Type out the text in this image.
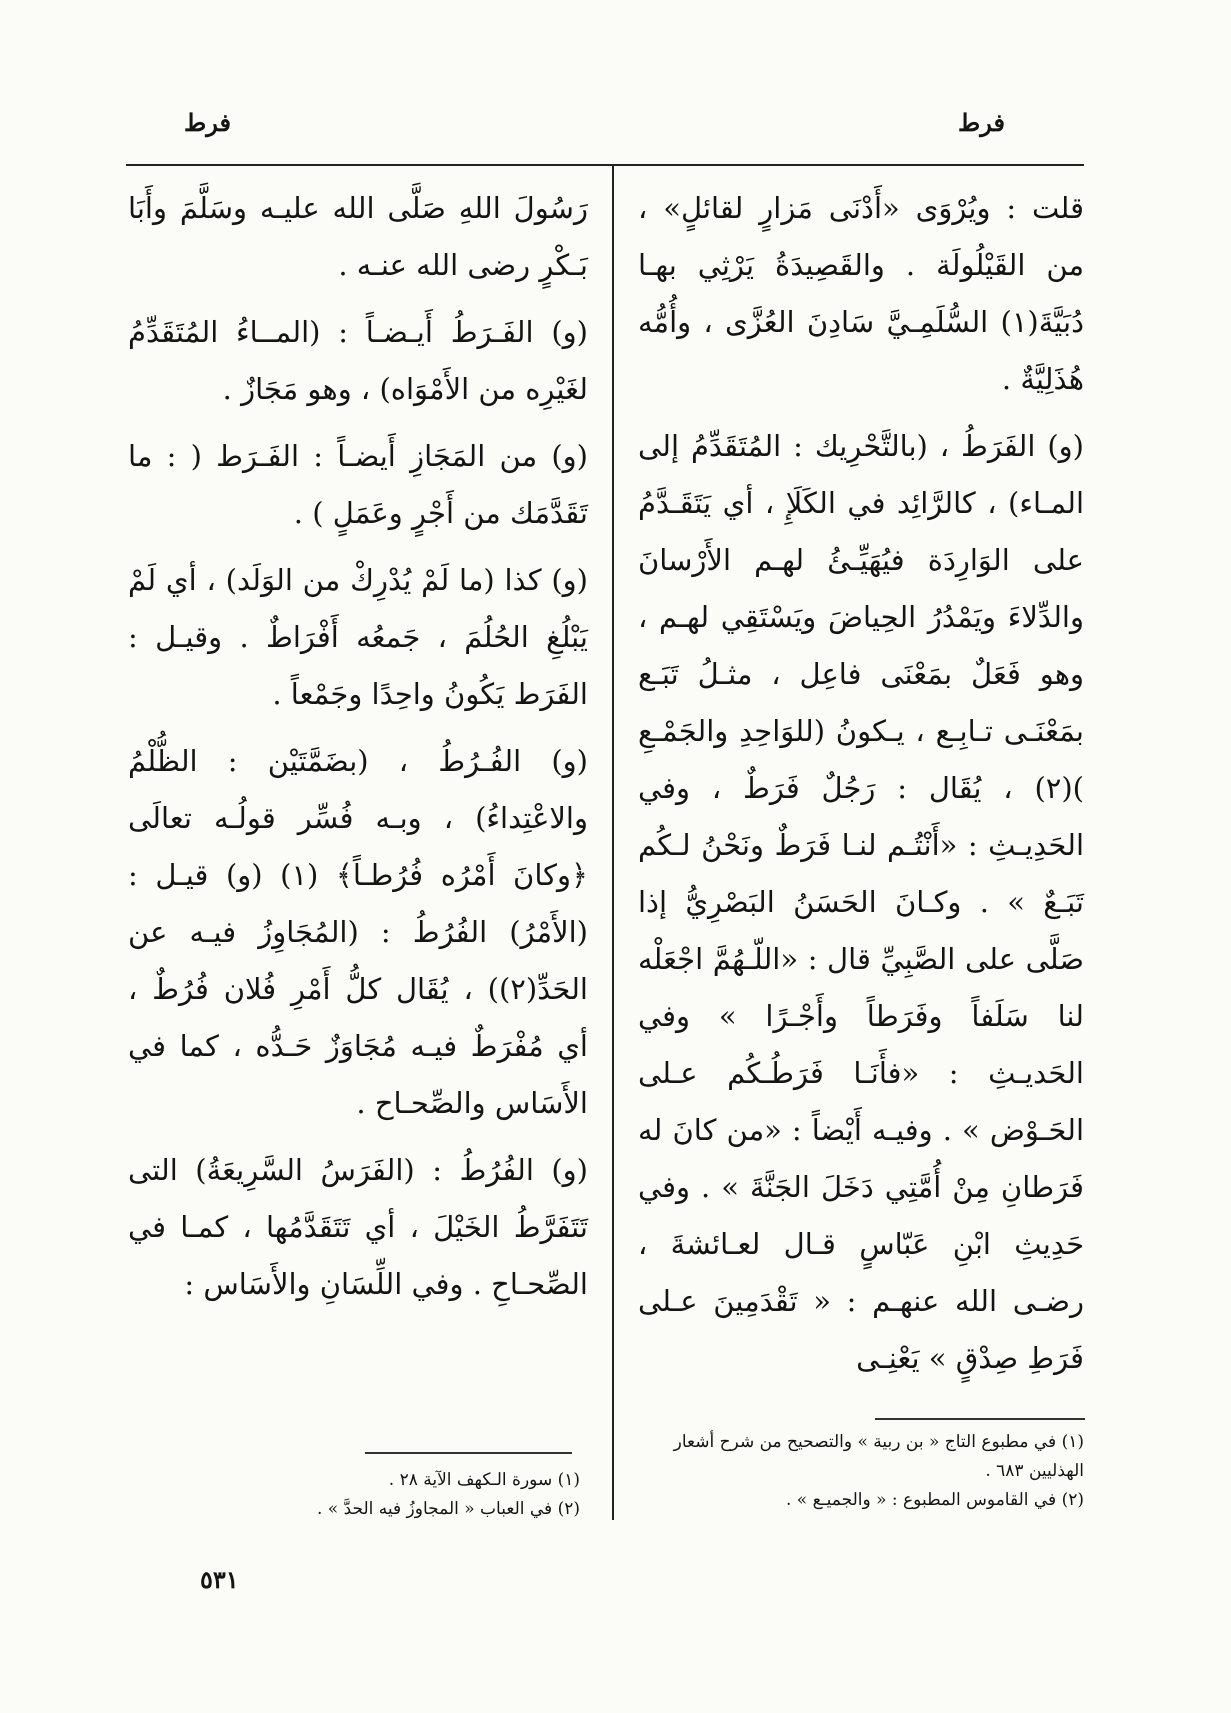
فرط
فرط

قلت : ويُرْوَى «أَدْنَى مَزارٍ لقائلٍ» ، من القَيْلُولَة . والقَصِيدَةُ يَرْثِي بهـا دُبَيَّةَ(١) السُّلَمِـيَّ سَادِنَ العُزَّى ، وأُمُّه هُذَلِيَّةٌ .

(و) الفَرَطُ ، (بالتَّحْرِيك : المُتَقَدِّمُ إلى المـاء) ، كالرَّائِد في الكَلَإِ ، أي يَتَقَـدَّمُ على الوَارِدَة فيُهَيِّـئُ لهـم الأَرْسانَ والدِّلاءَ ويَمْدُرُ الحِياضَ ويَسْتَقِي لهـم ، وهو فَعَلٌ بمَعْنَى فاعِل ، مثـلُ تَبَـع بمَعْنَـى تـابِـع ، يـكونُ (للوَاحِدِ والجَمْـعِ )(٢) ، يُقَال : رَجُلٌ فَرَطٌ ، وفي الحَدِيـثِ : «أَنْتُـم لنـا فَرَطٌ ونَحْنُ لـكُم تَبَـعٌ » . وكـانَ الحَسَنُ البَصْرِيُّ إذا صَلَّى على الصَّبِيِّ قال : «اللّـهُمَّ اجْعَلْه لنا سَلَفاً وفَرَطاً وأَجْـرًا » وفي الحَديـثِ : «فأَنَـا فَرَطُـكُم عـلى الحَـوْض » . وفيـه أَيْضاً : «من كانَ له فَرَطانِ مِنْ أُمَّتِي دَخَلَ الجَنَّةَ » . وفي حَدِيثِ ابْنِ عَبّاسٍ قـال لعـائشةَ ، رضـى الله عنهـم : « تَقْدَمِينَ عـلى فَرَطِ صِدْقٍ » يَعْنِـى

رَسُولَ اللهِ صَلَّى الله عليـه وسَلَّمَ وأَبَا بَـكْرٍ رضى الله عنـه .

(و) الفَـرَطُ أَيـضـاً : (المــاءُ المُتَقَدِّمُ لغَيْرِه من الأَمْوَاه) ، وهو مَجَازٌ .

(و) من المَجَازِ أَيضـاً : الفَـرَط ( : ما تَقَدَّمَك من أَجْرٍ وعَمَلٍ ) .

(و) كذا (ما لَمْ يُدْرِكْ من الوَلَد) ، أي لَمْ يَبْلُغِ الحُلُمَ ، جَمعُه أَفْرَاطٌ . وقيـل : الفَرَط يَكُونُ واحِدًا وجَمْعاً .

(و) الفُـرُطُ ، (بضَمَّتَيْن : الظُّلْمُ والاعْتِداءُ) ، وبـه فُسِّر قولُـه تعالَى ﴿وكانَ أَمْرُه فُرُطـاً﴾ (١) (و) قيـل : (الأَمْرُ) الفُرُطُ : (المُجَاوِزُ فيـه عن الحَدِّ(٢)) ، يُقَال كلُّ أَمْرِ فُلان فُرُطٌ ، أي مُفْرَطٌ فيـه مُجَاوَزٌ حَـدُّه ، كما في الأَسَاس والصِّحـاح .

(و) الفُرُطُ : (الفَرَسُ السَّرِيعَةُ) التى تَتَفَرَّطُ الخَيْلَ ، أي تَتَقَدَّمُها ، كمـا في الصِّحـاحِ . وفي اللِّسَانِ والأَسَاس :

(١) في مطبوع التاج « بن ربية » والتصحيح من شرح أشعار الهذليين ٦٨٣ .

(٢) في القاموس المطبوع : « والجميـع » .

(١) سورة الـكهف الآية ٢٨ .

(٢) في العباب « المجاوزُ فيه الحدَّ » .

٥٣١
